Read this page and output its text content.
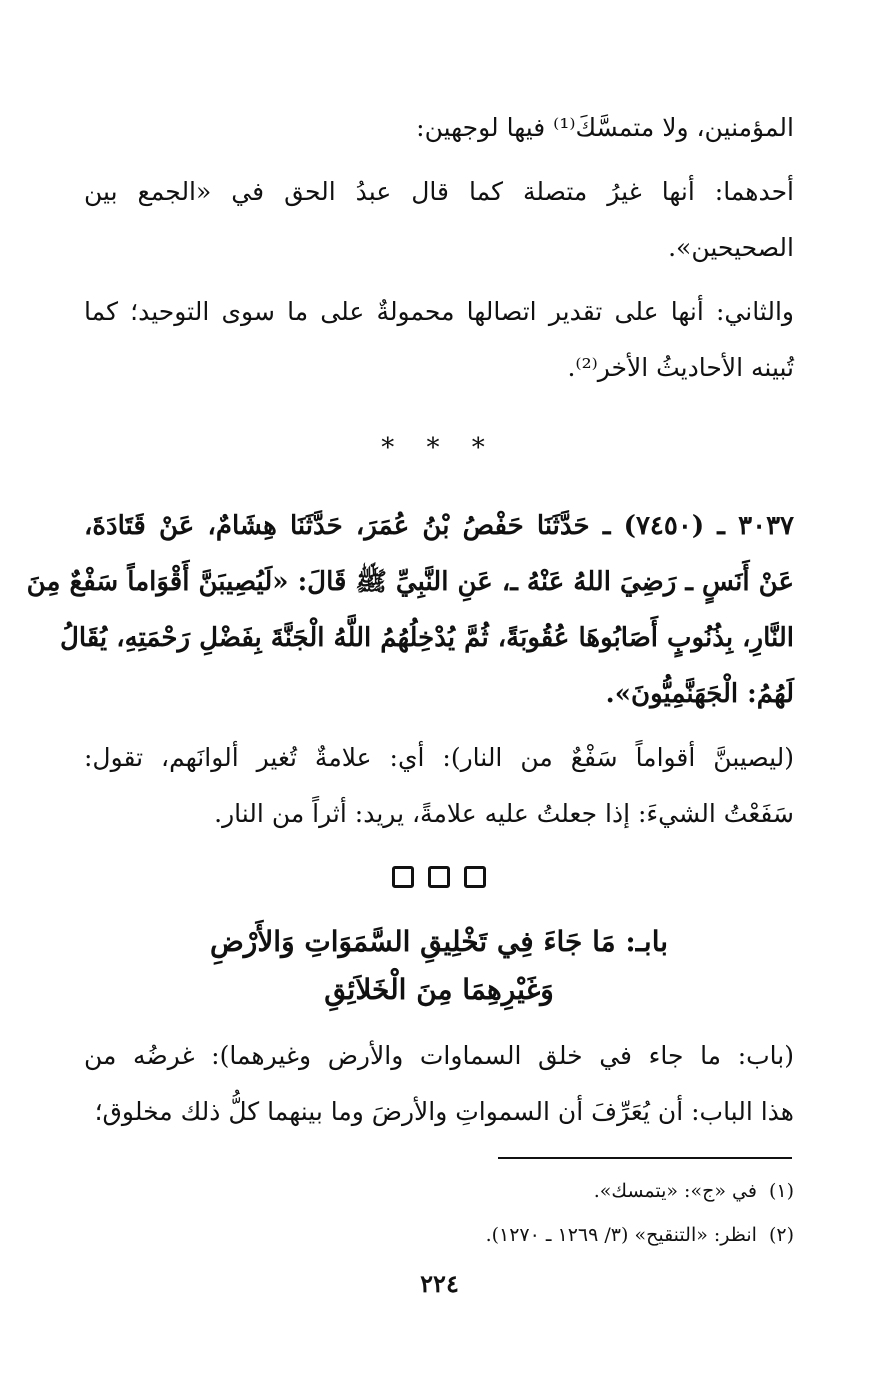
المؤمنين، ولا متمسَّكَ⁽¹⁾ فيها لوجهين:
أحدهما: أنها غيرُ متصلة كما قال عبدُ الحق في «الجمع بين
الصحيحين».
والثاني: أنها على تقدير اتصالها محمولةٌ على ما سوى التوحيد؛ كما
تُبينه الأحاديثُ الأخر⁽²⁾.
* * *
٣٠٣٧ ـ (٧٤٥٠) ـ حَدَّثَنَا حَفْصُ بْنُ عُمَرَ، حَدَّثَنَا هِشَامٌ، عَنْ قَتَادَةَ،
عَنْ أَنَسٍ ـ رَضِيَ اللهُ عَنْهُ ـ، عَنِ النَّبِيِّ ﷺ قَالَ: «لَيُصِيبَنَّ أَقْوَاماً سَفْعٌ مِنَ
النَّارِ، بِذُنُوبٍ أَصَابُوهَا عُقُوبَةً، ثُمَّ يُدْخِلُهُمُ اللَّهُ الْجَنَّةَ بِفَضْلِ رَحْمَتِهِ، يُقَالُ
لَهُمُ: الْجَهَنَّمِيُّونَ».
(ليصيبنَّ أقواماً سَفْعٌ من النار): أي: علامةٌ تُغير ألوانَهم، تقول:
سَفَعْتُ الشيءَ: إذا جعلتُ عليه علامةً، يريد: أثراً من النار.
بابـ: مَا جَاءَ فِي تَخْلِيقِ السَّمَوَاتِ وَالأَرْضِ
وَغَيْرِهِمَا مِنَ الْخَلاَئِقِ
(باب: ما جاء في خلق السماوات والأرض وغيرهما): غرضُه من
هذا الباب: أن يُعَرِّفَ أن السمواتِ والأرضَ وما بينهما كلُّ ذلك مخلوق؛
(١)في «ج»: «يتمسك».
(٢)انظر: «التنقيح» (٣/ ١٢٦٩ ـ ١٢٧٠).
٢٢٤
